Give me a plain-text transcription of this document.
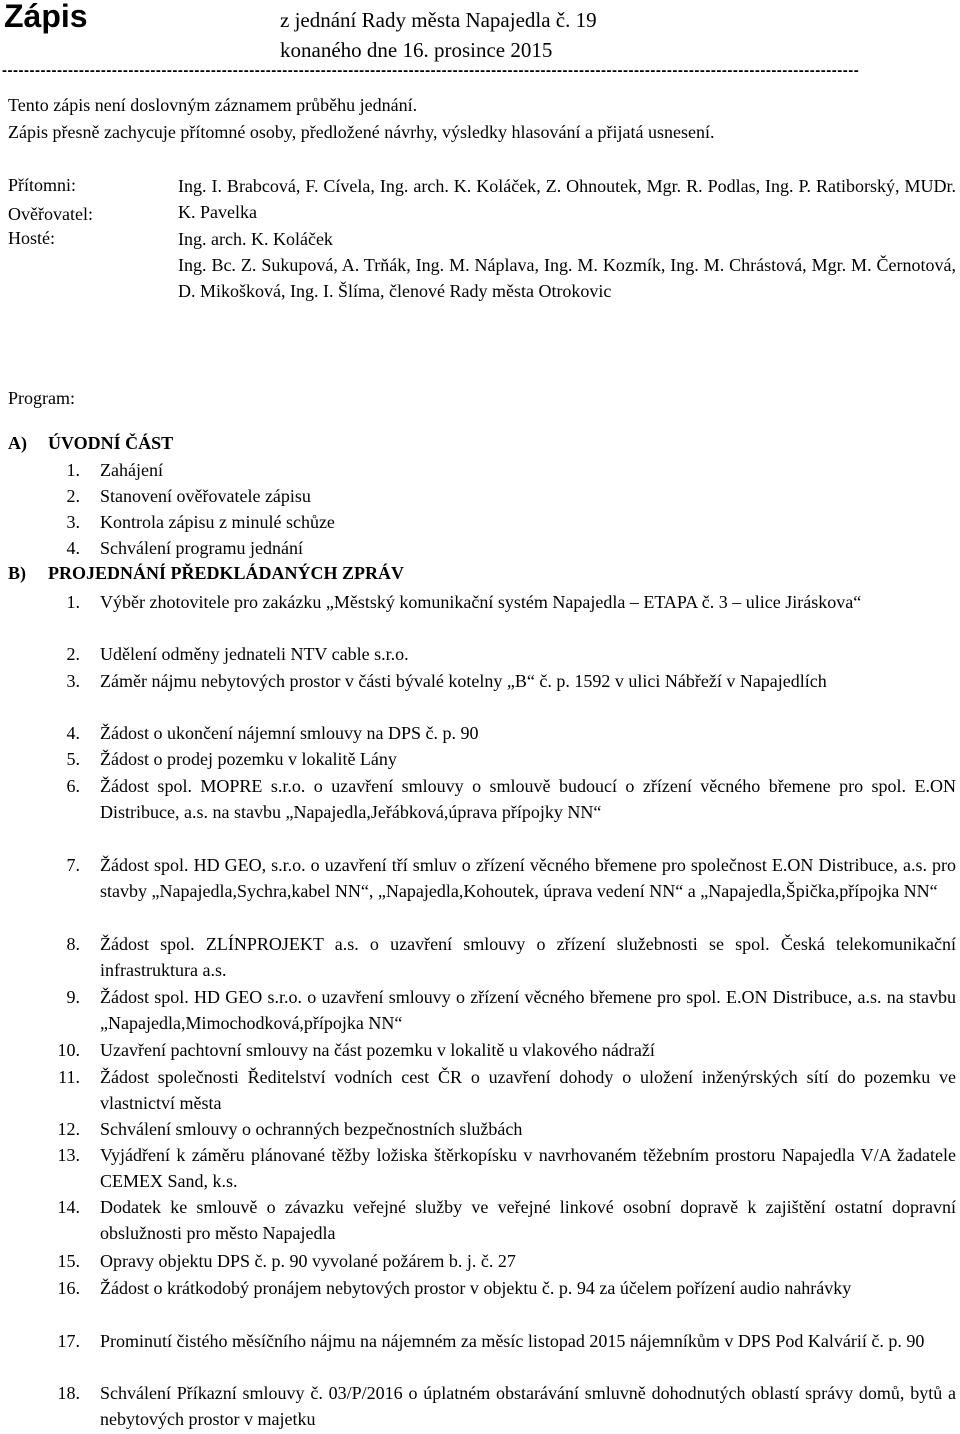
Zápis	z jednání Rady města Napajedla č. 19
konaného dne 16. prosince 2015
------------------------------------------------------------------------------------------------------------------------------------------------------------
Tento zápis není doslovným záznamem průběhu jednání.
Zápis přesně zachycuje přítomné osoby, předložené návrhy, výsledky hlasování a přijatá usnesení.
Přítomni:	Ing. I. Brabcová, F. Cívela, Ing. arch. K. Koláček, Z. Ohnoutek, Mgr. R. Podlas, Ing. P. Ratiborský, MUDr. K. Pavelka
Ověřovatel:
Ing. arch. K. Koláček
Hosté:
Ing. Bc. Z. Sukupová, A. Trňák, Ing. M. Náplava, Ing. M. Kozmík, Ing. M. Chrástová, Mgr. M. Černotová, D. Mikošková, Ing. I. Šlíma, členové Rady města Otrokovic
Program:
A) ÚVODNÍ ČÁST
1. Zahájení
2. Stanovení ověřovatele zápisu
3. Kontrola zápisu z minulé schůze
4. Schválení programu jednání
B) PROJEDNÁNÍ PŘEDKLÁDANÝCH ZPRÁV
1. Výběr zhotovitele pro zakázku „Městský komunikační systém Napajedla – ETAPA č. 3 – ulice Jiráskova“
2. Udělení odměny jednateli NTV cable s.r.o.
3. Záměr nájmu nebytových prostor v části bývalé kotelny „B“ č. p. 1592 v ulici Nábřeží v Napajedlích
4. Žádost o ukončení nájemní smlouvy na DPS č. p. 90
5. Žádost o prodej pozemku v lokalitě Lány
6. Žádost spol. MOPRE s.r.o. o uzavření smlouvy o smlouvě budoucí o zřízení věcného břemene pro spol. E.ON Distribuce, a.s. na stavbu „Napajedla,Jeřábková,úprava přípojky NN“
7. Žádost spol. HD GEO, s.r.o. o uzavření tří smluv o zřízení věcného břemene pro společnost E.ON Distribuce, a.s. pro stavby „Napajedla,Sychra,kabel NN“, „Napajedla,Kohoutek, úprava vedení NN“ a „Napajedla,Špička,přípojka NN“
8. Žádost spol. ZLÍNPROJEKT a.s. o uzavření smlouvy o zřízení služebnosti se spol. Česká telekomunikační infrastruktura a.s.
9. Žádost spol. HD GEO s.r.o. o uzavření smlouvy o zřízení věcného břemene pro spol. E.ON Distribuce, a.s. na stavbu „Napajedla,Mimochodková,přípojka NN“
10. Uzavření pachtovní smlouvy na část pozemku v lokalitě u vlakového nádraží
11. Žádost společnosti Ředitelství vodních cest ČR o uzavření dohody o uložení inženýrských sítí do pozemku ve vlastnictví města
12. Schválení smlouvy o ochranných bezpečnostních službách
13. Vyjádření k záměru plánované těžby ložiska štěrkopísku v navrhovaném těžebním prostoru Napajedla V/A žadatele CEMEX Sand, k.s.
14. Dodatek ke smlouvě o závazku veřejné služby ve veřejné linkové osobní dopravě k zajištění ostatní dopravní obslužnosti pro město Napajedla
15. Opravy objektu DPS č. p. 90 vyvolané požárem b. j. č. 27
16. Žádost o krátkodobý pronájem nebytových prostor v objektu č. p. 94 za účelem pořízení audio nahrávky
17. Prominutí čistého měsíčního nájmu na nájemném za měsíc listopad 2015 nájemníkům v DPS Pod Kalvárií č. p. 90
18. Schválení Příkazní smlouvy č. 03/P/2016 o úplatném obstarávání smluvně dohodnutých oblastí správy domů, bytů a nebytových prostor v majetku
